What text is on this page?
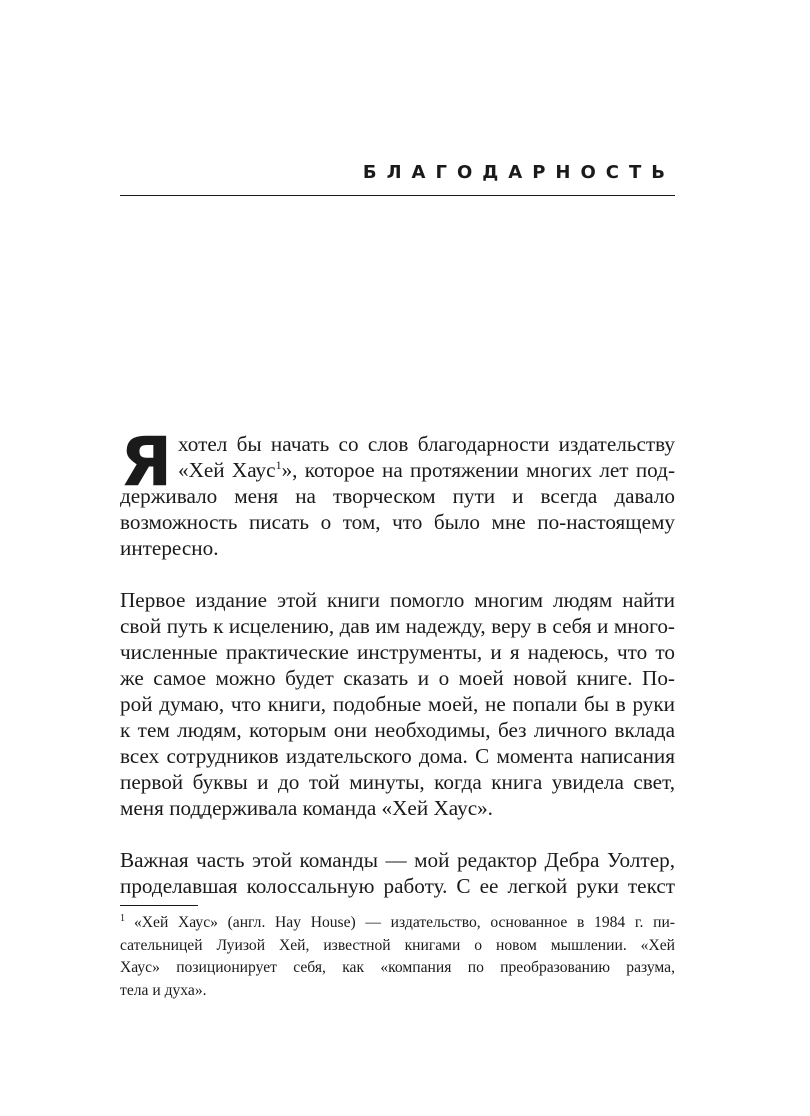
БЛАГОДАРНОСТЬ
Я хотел бы начать со слов благодарности издательству
«Хей Хаус$^1$», которое на протяжении многих лет под-
держивало меня на творческом пути и всегда давало
возможность писать о том, что было мне по-настоящему
интересно.
Первое издание этой книги помогло многим людям найти
свой путь к исцелению, дав им надежду, веру в себя и много-
численные практические инструменты, и я надеюсь, что то
же самое можно будет сказать и о моей новой книге. По-
рой думаю, что книги, подобные моей, не попали бы в руки
к тем людям, которым они необходимы, без личного вклада
всех сотрудников издательского дома. С момента написания
первой буквы и до той минуты, когда книга увидела свет,
меня поддерживала команда «Хей Хаус».
Важная часть этой команды — мой редактор Дебра Уолтер,
проделавшая колоссальную работу. С ее легкой руки текст
$^1$ «Хей Хаус» (англ. Hay House) — издательство, основанное в 1984 г. пи-
сательницей Луизой Хей, известной книгами о новом мышлении. «Хей
Хаус» позиционирует себя, как «компания по преобразованию разума,
тела и духа».
